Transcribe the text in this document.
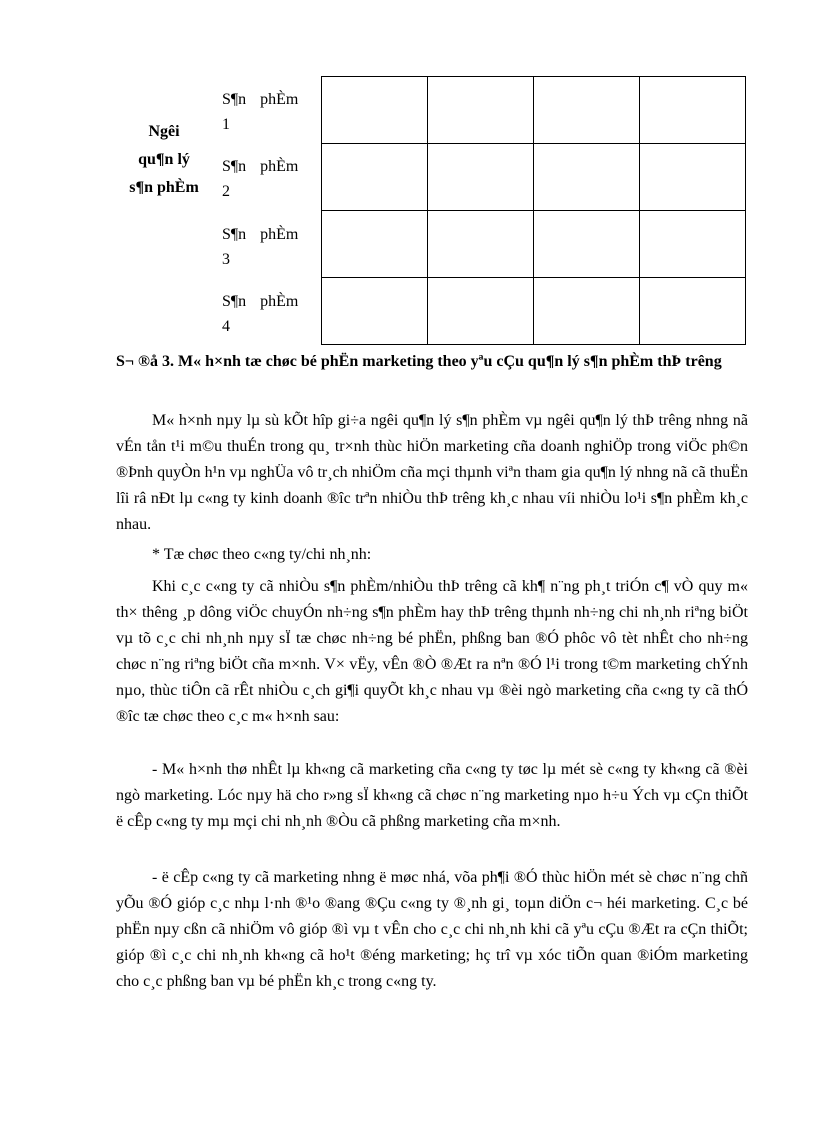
Ngêi
qu¶n lý
s¶n phÈm
S¶n phÈm
1
S¶n phÈm
2
S¶n phÈm
3
S¶n phÈm
4

S¬ ®å 3. M« h×nh tæ chøc bé phËn marketing theo yªu cÇu qu¶n lý s¶n phÈm thÞ trêng
M« h×nh nµy lµ sù kÕt hîp gi÷a ngêi qu¶n lý s¶n phÈm vµ ngêi qu¶n lý thÞ trêng nhng nã vÉn tån t¹i m©u thuÉn trong qu¸ tr×nh thùc hiÖn marketing cña doanh nghiÖp trong viÖc ph©n ®Þnh quyÒn h¹n vµ nghÜa vô tr¸ch nhiÖm cña mçi thµnh viªn tham gia qu¶n lý nhng nã cã thuËn lîi râ nÐt lµ c«ng ty kinh doanh ®îc trªn nhiÒu thÞ trêng kh¸c nhau víi nhiÒu lo¹i s¶n phÈm kh¸c nhau.
* Tæ chøc theo c«ng ty/chi nh¸nh:
Khi c¸c c«ng ty cã nhiÒu s¶n phÈm/nhiÒu thÞ trêng cã kh¶ n¨ng ph¸t triÓn c¶ vÒ quy m« th× thêng ¸p dông viÖc chuyÓn nh÷ng s¶n phÈm hay thÞ trêng thµnh nh÷ng chi nh¸nh riªng biÖt vµ tõ c¸c chi nh¸nh nµy sÏ tæ chøc nh÷ng bé phËn, phßng ban ®Ó phôc vô tèt nhÊt cho nh÷ng chøc n¨ng riªng biÖt cña m×nh. V× vËy, vÊn ®Ò ®Æt ra nªn ®Ó l¹i trong t©m marketing chÝnh nµo, thùc tiÔn cã rÊt nhiÒu c¸ch gi¶i quyÕt kh¸c nhau vµ ®èi ngò marketing cña c«ng ty cã thÓ ®îc tæ chøc theo c¸c m« h×nh sau:
- M« h×nh thø nhÊt lµ kh«ng cã marketing cña c«ng ty tøc lµ mét sè c«ng ty kh«ng cã ®èi ngò marketing. Lóc nµy hä cho r»ng sÏ kh«ng cã chøc n¨ng marketing nµo h÷u Ých vµ cÇn thiÕt ë cÊp c«ng ty mµ mçi chi nh¸nh ®Òu cã phßng marketing cña m×nh.
- ë cÊp c«ng ty cã marketing nhng ë møc nhá, võa ph¶i ®Ó thùc hiÖn mét sè chøc n¨ng chñ yÕu ®Ó gióp c¸c nhµ l·nh ®¹o ®ang ®Çu c«ng ty ®¸nh gi¸ toµn diÖn c¬ héi marketing. C¸c bé phËn nµy cßn cã nhiÖm vô gióp ®ì vµ t vÊn cho c¸c chi nh¸nh khi cã yªu cÇu ®Æt ra cÇn thiÕt; gióp ®ì c¸c chi nh¸nh kh«ng cã ho¹t ®éng marketing; hç trî vµ xóc tiÕn quan ®iÓm marketing cho c¸c phßng ban vµ bé phËn kh¸c trong c«ng ty.
